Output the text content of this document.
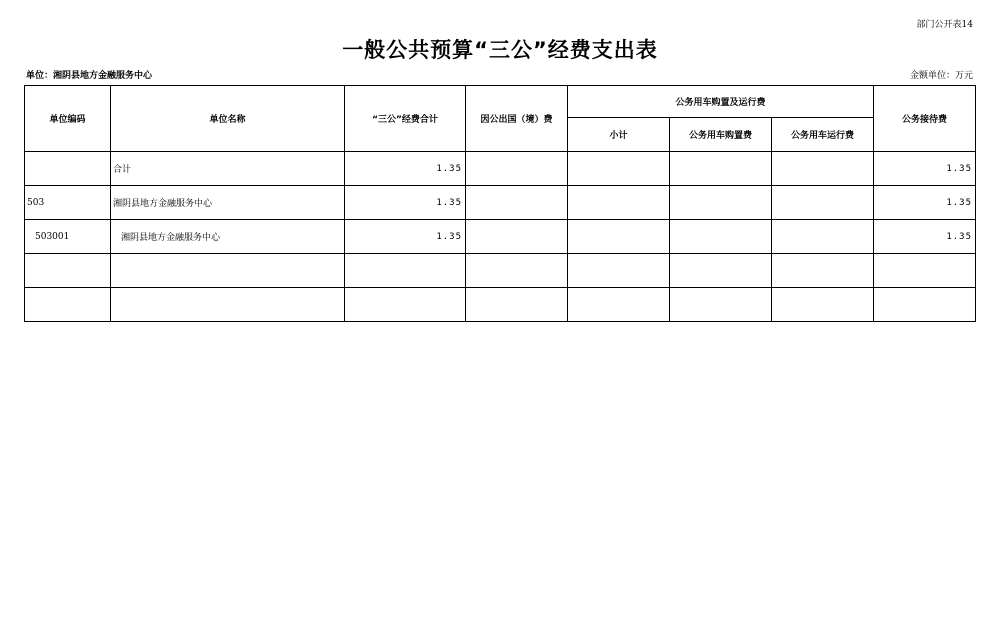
部门公开表14
一般公共预算“三公”经费支出表
单位：湘阴县地方金融服务中心	金额单位：万元
单位编码	单位名称	“三公”经费合计	因公出国（境）费	公务用车购置及运行费			公务接待费
				小计	公务用车购置费	公务用车运行费	
	合计	1.35					1.35
503	湘阴县地方金融服务中心	1.35					1.35
503001	湘阴县地方金融服务中心	1.35					1.35
